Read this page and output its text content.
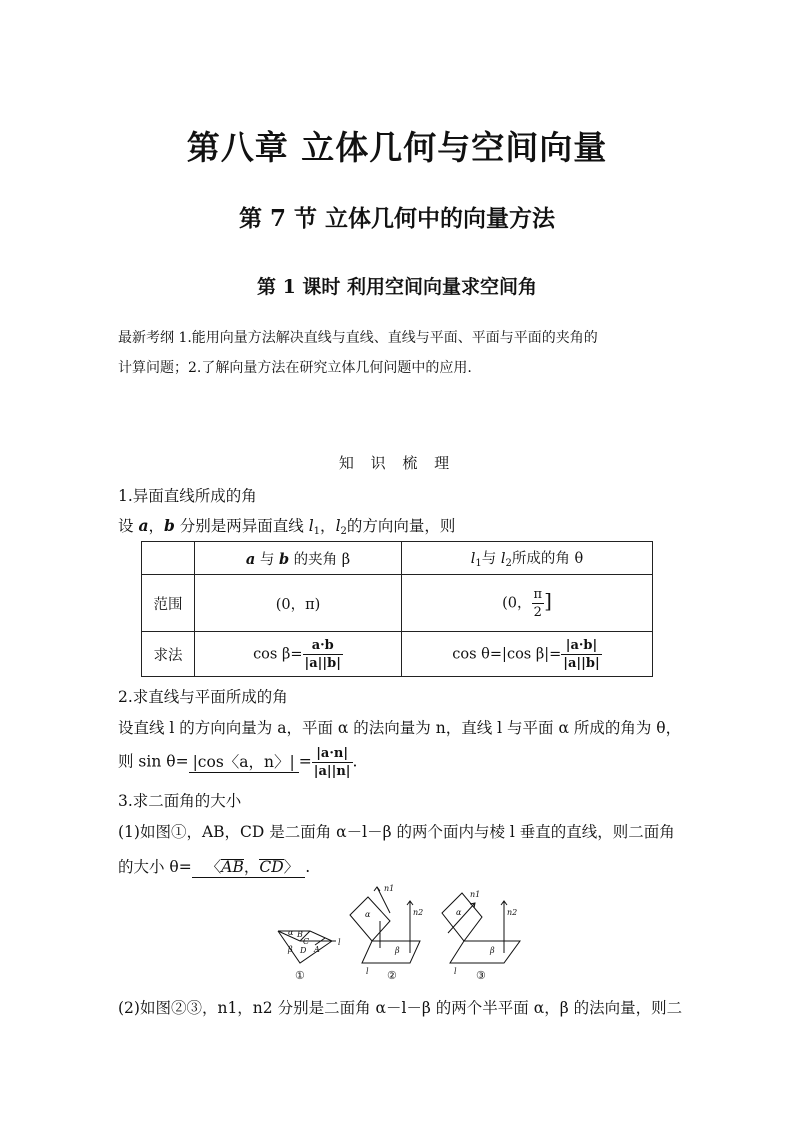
第八章 立体几何与空间向量
第 7 节 立体几何中的向量方法
第 1 课时 利用空间向量求空间角
最新考纲 1.能用向量方法解决直线与直线、直线与平面、平面与平面的夹角的
计算问题；2.了解向量方法在研究立体几何问题中的应用.
知 识 梳 理
1.异面直线所成的角
设 a，b 分别是两异面直线 $l_1$，$l_2$的方向向量，则
	a 与 b 的夹角 β	$l_1$与 $l_2$所成的角 θ
范围	(0，π)	(0， $\frac{\pi}{2}$ ]
求法	$\cos \beta= \frac{a\cdot b}{|a||b|}$	cos θ=|cos $\beta|= \frac{|a\cdot b|}{|a||b|}$
2.求直线与平面所成的角
设直线 l 的方向向量为 a，平面 α 的法向量为 n，直线 l 与平面 α 所成的角为 θ，
则 sin θ= |cos〈a，n〉| = $\frac{|a\cdot n|}{|a||n|}$ .
3.求二面角的大小
(1)如图①，AB，CD 是二面角 α－l－β 的两个面内与棱 l 垂直的直线，则二面角
的大小 θ= 〈AB，CD〉 .
α B
C
β D A
l
①
α
β
n1
n2
l ②
α
β
n1
n2
l ③
(2)如图②③，n1，n2 分别是二面角 α－l－β 的两个半平面 α，β 的法向量，则二
